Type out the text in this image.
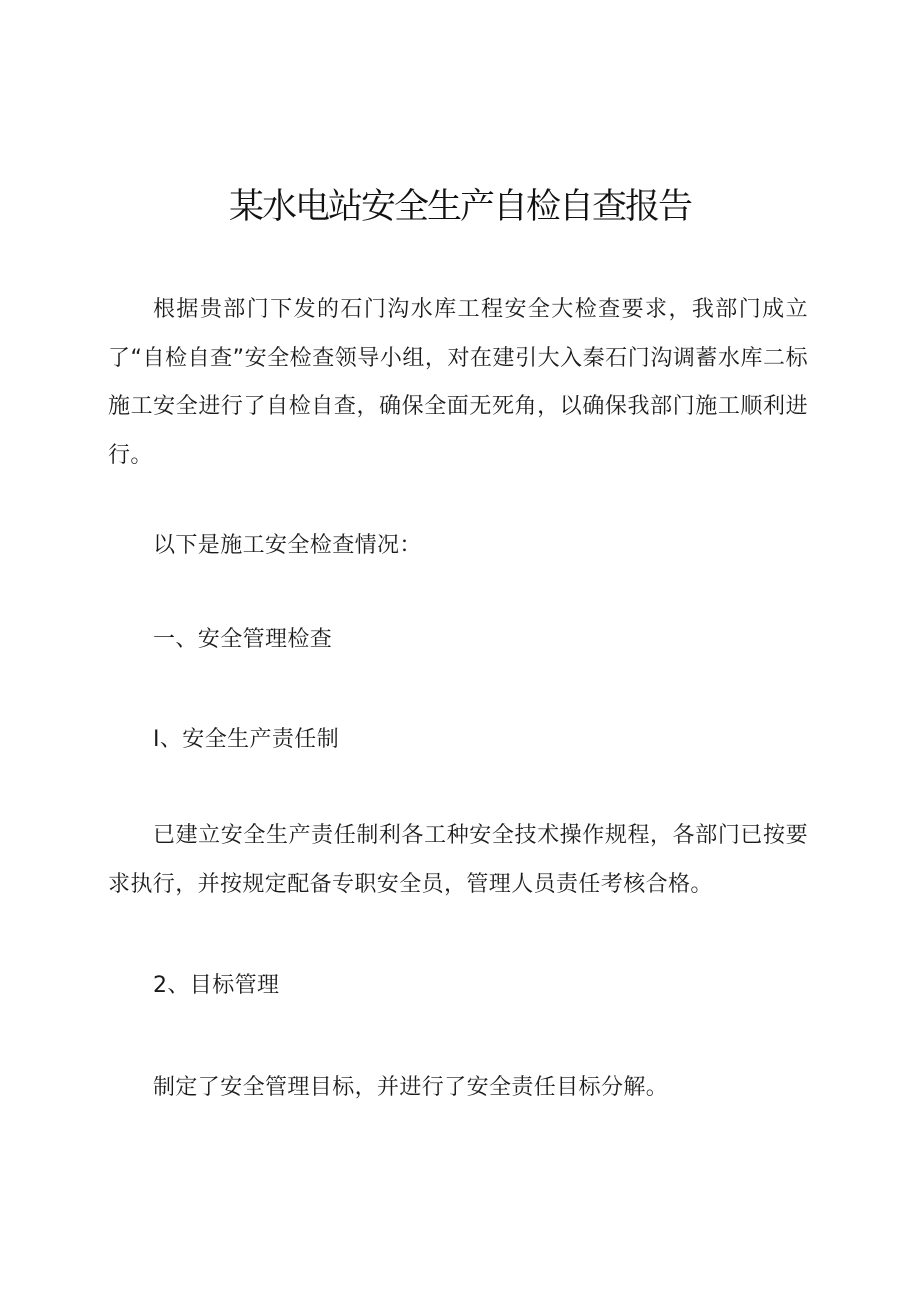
某水电站安全生产自检自查报告

根据贵部门下发的石门沟水库工程安全大检查要求，我部门成立了“自检自查”安全检查领导小组，对在建引大入秦石门沟调蓄水库二标施工安全进行了自检自查，确保全面无死角，以确保我部门施工顺利进行。

以下是施工安全检查情况：

一、安全管理检查

I、安全生产责任制

已建立安全生产责任制利各工种安全技术操作规程，各部门已按要求执行，并按规定配备专职安全员，管理人员责任考核合格。

2、目标管理

制定了安全管理目标，并进行了安全责任目标分解。
